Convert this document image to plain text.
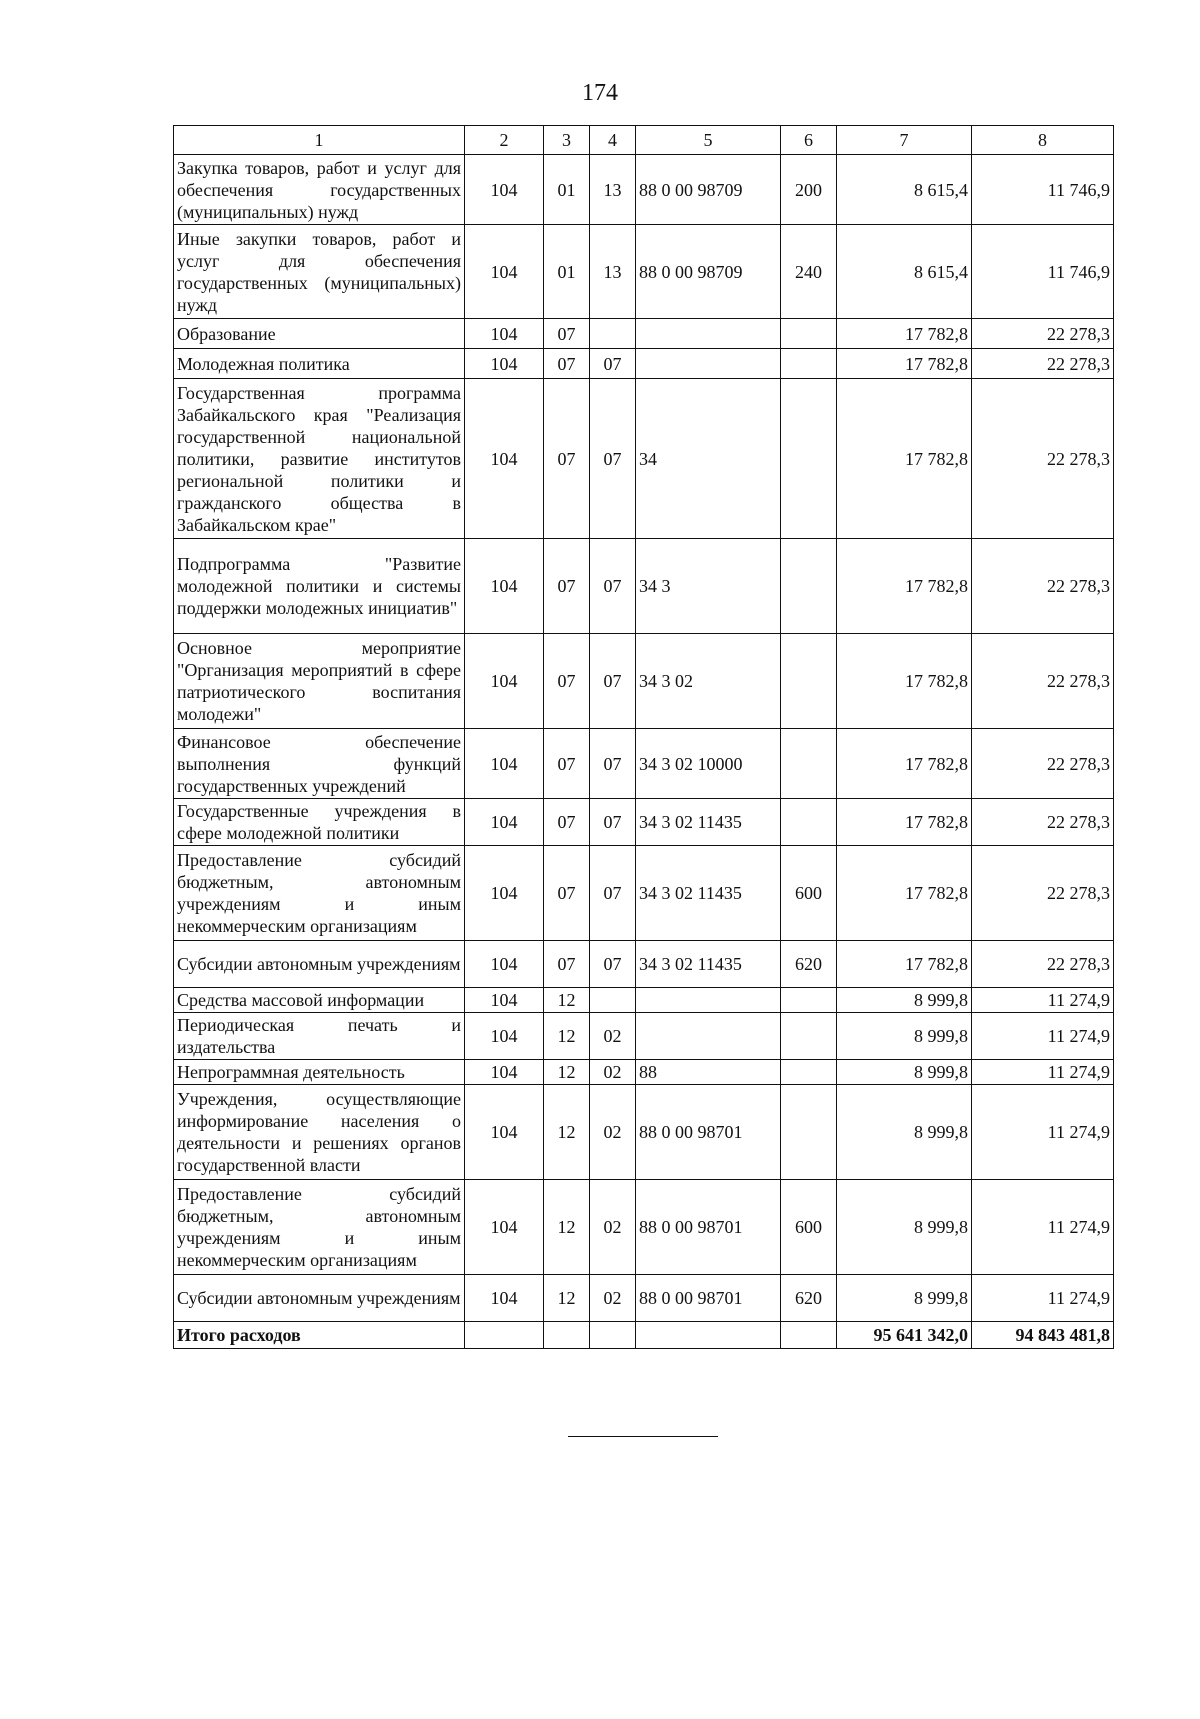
174
1	2	3	4	5	6	7	8
Закупка товаров, работ и услуг для обеспечения государственных (муниципальных) нужд	104	01	13	88 0 00 98709	200	8 615,4	11 746,9
Иные закупки товаров, работ и услуг для обеспечения государственных (муниципальных) нужд	104	01	13	88 0 00 98709	240	8 615,4	11 746,9
Образование	104	07				17 782,8	22 278,3
Молодежная политика	104	07	07			17 782,8	22 278,3
Государственная программа Забайкальского края "Реализация государственной национальной политики, развитие институтов региональной политики и гражданского общества в Забайкальском крае"	104	07	07	34		17 782,8	22 278,3
Подпрограмма "Развитие молодежной политики и системы поддержки молодежных инициатив"	104	07	07	34 3		17 782,8	22 278,3
Основное мероприятие "Организация мероприятий в сфере патриотического воспитания молодежи"	104	07	07	34 3 02		17 782,8	22 278,3
Финансовое обеспечение выполнения функций государственных учреждений	104	07	07	34 3 02 10000		17 782,8	22 278,3
Государственные учреждения в сфере молодежной политики	104	07	07	34 3 02 11435		17 782,8	22 278,3
Предоставление субсидий бюджетным, автономным учреждениям и иным некоммерческим организациям	104	07	07	34 3 02 11435	600	17 782,8	22 278,3
Субсидии автономным учреждениям	104	07	07	34 3 02 11435	620	17 782,8	22 278,3
Средства массовой информации	104	12				8 999,8	11 274,9
Периодическая печать и издательства	104	12	02			8 999,8	11 274,9
Непрограммная деятельность	104	12	02	88		8 999,8	11 274,9
Учреждения, осуществляющие информирование населения о деятельности и решениях органов государственной власти	104	12	02	88 0 00 98701		8 999,8	11 274,9
Предоставление субсидий бюджетным, автономным учреждениям и иным некоммерческим организациям	104	12	02	88 0 00 98701	600	8 999,8	11 274,9
Субсидии автономным учреждениям	104	12	02	88 0 00 98701	620	8 999,8	11 274,9
Итого расходов						95 641 342,0	94 843 481,8
